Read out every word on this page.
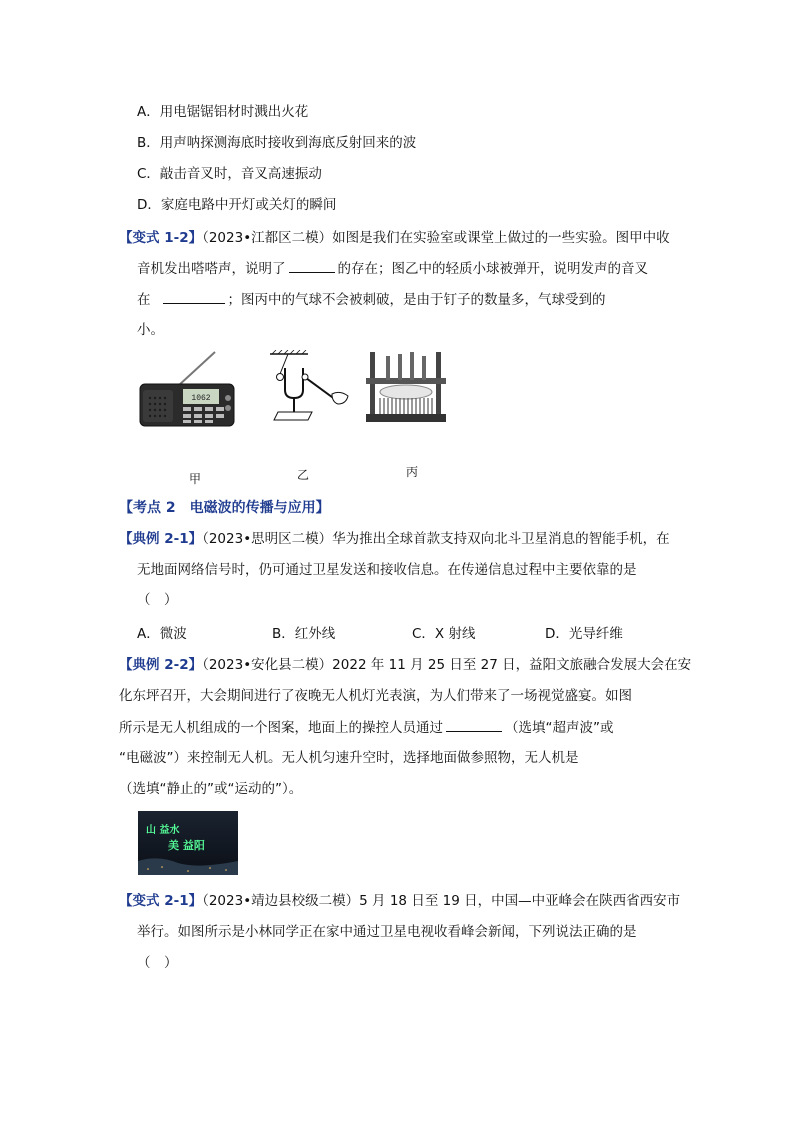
A．用电锯锯铝材时溅出火花
B．用声呐探测海底时接收到海底反射回来的波
C．敲击音叉时，音叉高速振动
D．家庭电路中开灯或关灯的瞬间
【变式 1-2】（2023•江都区二模）如图是我们在实验室或课堂上做过的一些实验。图甲中收
音机发出嗒嗒声，说明了	的存在；图乙中的轻质小球被弹开，说明发声的音叉
在	；图丙中的气球不会被刺破，是由于钉子的数量多，气球受到的
小。
1062
甲	乙	丙
【考点 2　电磁波的传播与应用】
【典例 2-1】（2023•思明区二模）华为推出全球首款支持双向北斗卫星消息的智能手机，在
无地面网络信号时，仍可通过卫星发送和接收信息。在传递信息过程中主要依靠的是
（　）
A．微波	B．红外线	C．X 射线	D．光导纤维
【典例 2-2】（2023•安化县二模）2022 年 11 月 25 日至 27 日，益阳文旅融合发展大会在安
化东坪召开，大会期间进行了夜晚无人机灯光表演，为人们带来了一场视觉盛宴。如图
所示是无人机组成的一个图案，地面上的操控人员通过	（选填“超声波”或
“电磁波”）来控制无人机。无人机匀速升空时，选择地面做参照物，无人机是
（选填“静止的”或“运动的”）。
山 益水
美 益阳
【变式 2-1】（2023•靖边县校级二模）5 月 18 日至 19 日，中国—中亚峰会在陕西省西安市
举行。如图所示是小林同学正在家中通过卫星电视收看峰会新闻，下列说法正确的是
（　）
